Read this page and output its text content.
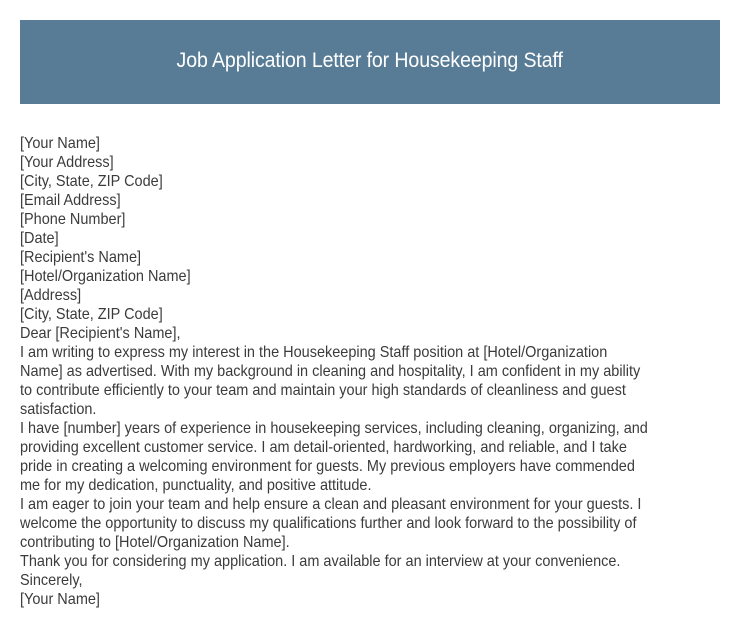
Job Application Letter for Housekeeping Staff
[Your Name]
[Your Address]
[City, State, ZIP Code]
[Email Address]
[Phone Number]
[Date]
[Recipient's Name]
[Hotel/Organization Name]
[Address]
[City, State, ZIP Code]
Dear [Recipient's Name],
I am writing to express my interest in the Housekeeping Staff position at [Hotel/Organization
Name] as advertised. With my background in cleaning and hospitality, I am confident in my ability
to contribute efficiently to your team and maintain your high standards of cleanliness and guest
satisfaction.
I have [number] years of experience in housekeeping services, including cleaning, organizing, and
providing excellent customer service. I am detail-oriented, hardworking, and reliable, and I take
pride in creating a welcoming environment for guests. My previous employers have commended
me for my dedication, punctuality, and positive attitude.
I am eager to join your team and help ensure a clean and pleasant environment for your guests. I
welcome the opportunity to discuss my qualifications further and look forward to the possibility of
contributing to [Hotel/Organization Name].
Thank you for considering my application. I am available for an interview at your convenience.
Sincerely,
[Your Name]
